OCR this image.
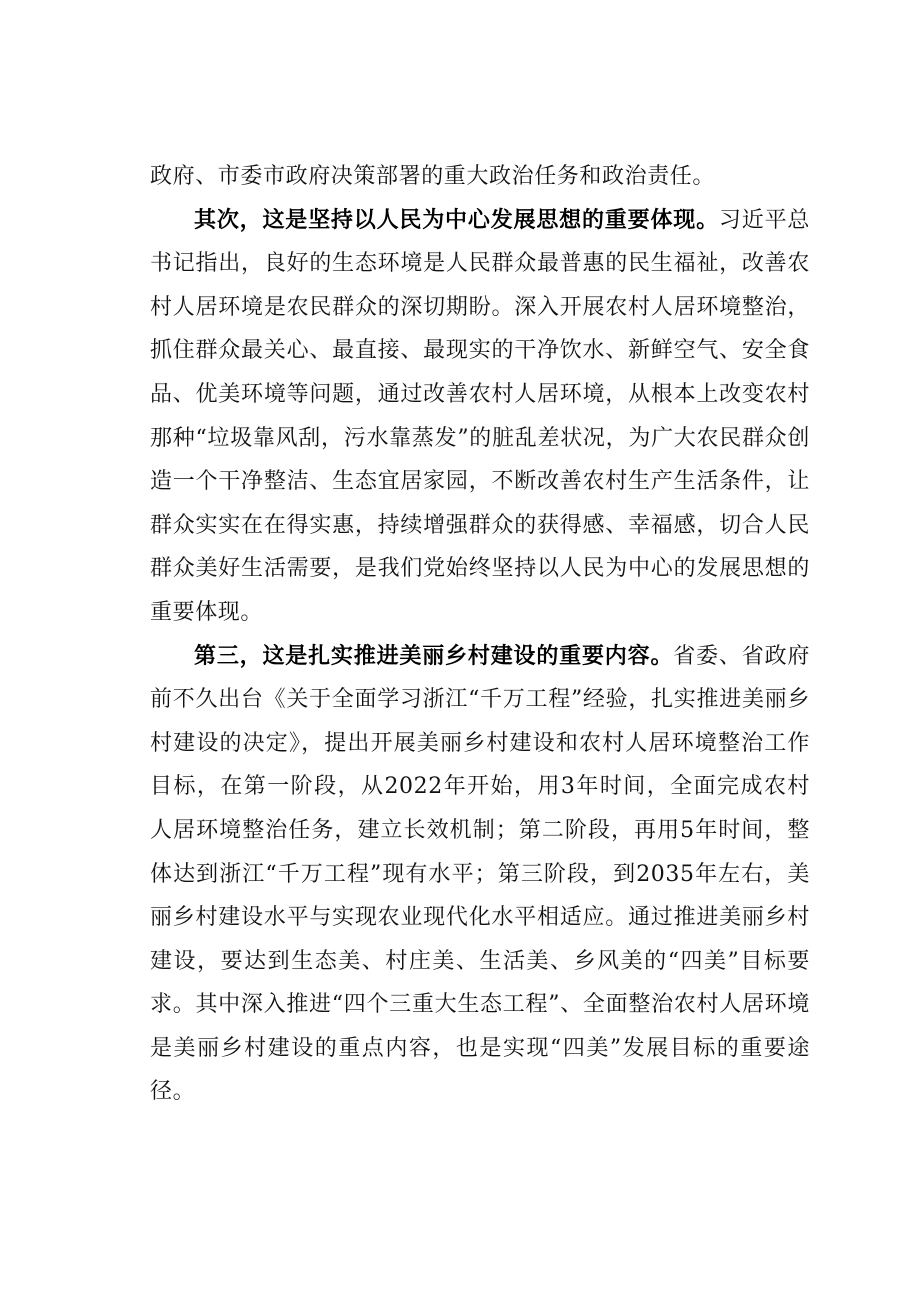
政府、市委市政府决策部署的重大政治任务和政治责任。

其次，这是坚持以人民为中心发展思想的重要体现。习近平总书记指出，良好的生态环境是人民群众最普惠的民生福祉，改善农村人居环境是农民群众的深切期盼。深入开展农村人居环境整治，抓住群众最关心、最直接、最现实的干净饮水、新鲜空气、安全食品、优美环境等问题，通过改善农村人居环境，从根本上改变农村那种“垃圾靠风刮，污水靠蒸发”的脏乱差状况，为广大农民群众创造一个干净整洁、生态宜居家园，不断改善农村生产生活条件，让群众实实在在得实惠，持续增强群众的获得感、幸福感，切合人民群众美好生活需要，是我们党始终坚持以人民为中心的发展思想的重要体现。

第三，这是扎实推进美丽乡村建设的重要内容。省委、省政府前不久出台《关于全面学习浙江“千万工程”经验，扎实推进美丽乡村建设的决定》，提出开展美丽乡村建设和农村人居环境整治工作目标，在第一阶段，从2022年开始，用3年时间，全面完成农村人居环境整治任务，建立长效机制；第二阶段，再用5年时间，整体达到浙江“千万工程”现有水平；第三阶段，到2035年左右，美丽乡村建设水平与实现农业现代化水平相适应。通过推进美丽乡村建设，要达到生态美、村庄美、生活美、乡风美的“四美”目标要求。其中深入推进“四个三重大生态工程”、全面整治农村人居环境是美丽乡村建设的重点内容，也是实现“四美”发展目标的重要途径。
